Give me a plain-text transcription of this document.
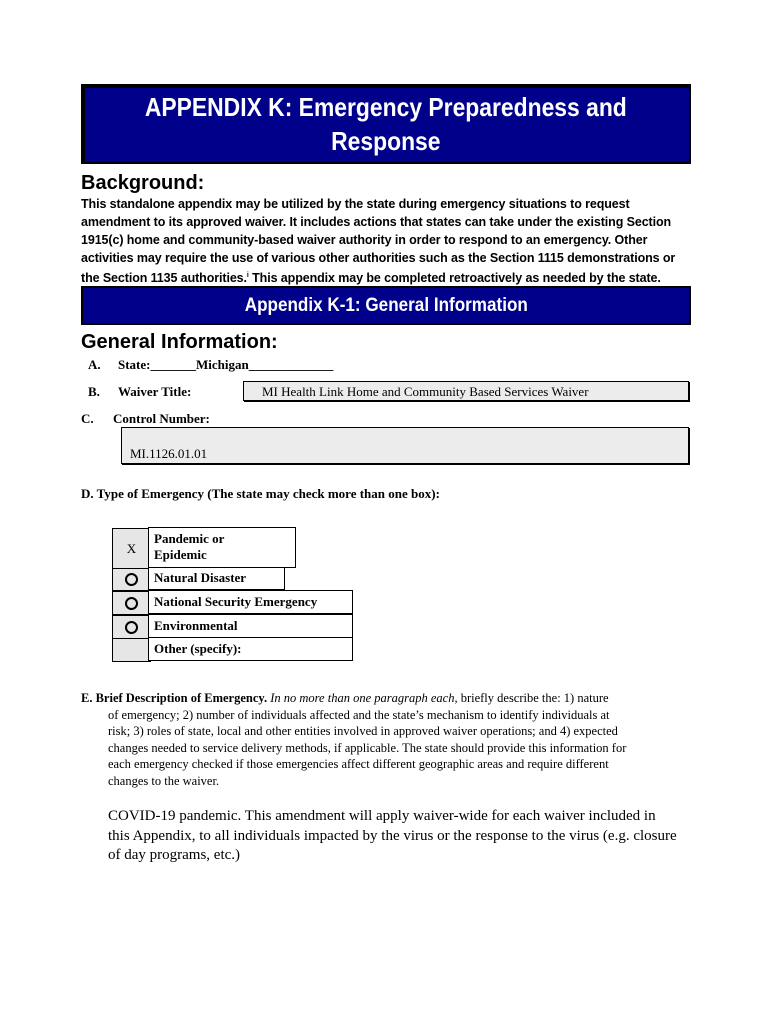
APPENDIX K: Emergency Preparedness and
Response
Background:
This standalone appendix may be utilized by the state during emergency situations to request
amendment to its approved waiver. It includes actions that states can take under the existing Section
1915(c) home and community-based waiver authority in order to respond to an emergency. Other
activities may require the use of various other authorities such as the Section 1115 demonstrations or
the Section 1135 authorities.$^i$ This appendix may be completed retroactively as needed by the state.
Appendix K-1: General Information
General Information:
A. State:_______Michigan_____________
B. Waiver Title:	MI Health Link Home and Community Based Services Waiver
C. Control Number:
MI.1126.01.01
D. Type of Emergency (The state may check more than one box):
X
Pandemic or
Epidemic
Natural Disaster
National Security Emergency
Environmental
Other (specify):
E. Brief Description of Emergency. In no more than one paragraph each, briefly describe the: 1) nature
of emergency; 2) number of individuals affected and the state’s mechanism to identify individuals at
risk; 3) roles of state, local and other entities involved in approved waiver operations; and 4) expected
changes needed to service delivery methods, if applicable. The state should provide this information for
each emergency checked if those emergencies affect different geographic areas and require different
changes to the waiver.
COVID-19 pandemic. This amendment will apply waiver-wide for each waiver included in
this Appendix, to all individuals impacted by the virus or the response to the virus (e.g. closure
of day programs, etc.)
